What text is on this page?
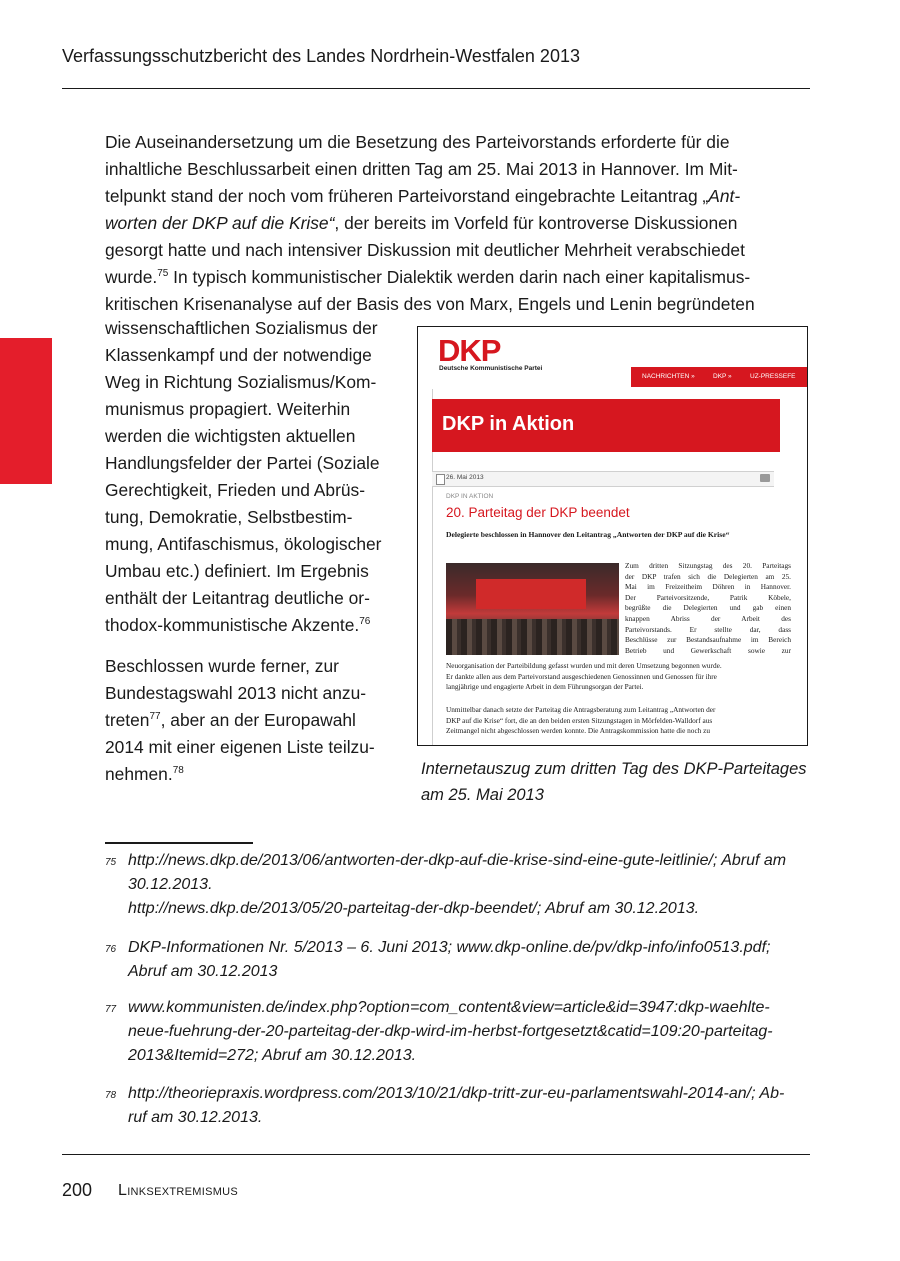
Verfassungsschutzbericht des Landes Nordrhein-Westfalen 2013
Die Auseinandersetzung um die Besetzung des Parteivorstands erforderte für die
inhaltliche Beschlussarbeit einen dritten Tag am 25. Mai 2013 in Hannover. Im Mit-
telpunkt stand der noch vom früheren Parteivorstand eingebrachte Leitantrag „Ant-
worten der DKP auf die Krise“, der bereits im Vorfeld für kontroverse Diskussionen
gesorgt hatte und nach intensiver Diskussion mit deutlicher Mehrheit verabschiedet
wurde.$^{75}$ In typisch kommunistischer Dialektik werden darin nach einer kapitalismus-
kritischen Krisenanalyse auf der Basis des von Marx, Engels und Lenin begründeten
wissenschaftlichen Sozialismus der
Klassenkampf und der notwendige
Weg in Richtung Sozialismus/Kom-
munismus propagiert. Weiterhin
werden die wichtigsten aktuellen
Handlungsfelder der Partei (Soziale
Gerechtigkeit, Frieden und Abrüs-
tung, Demokratie, Selbstbestim-
mung, Antifaschismus, ökologischer
Umbau etc.) definiert. Im Ergebnis
enthält der Leitantrag deutliche or-
thodox-kommunistische Akzente.$^{76}$
Beschlossen wurde ferner, zur
Bundestagswahl 2013 nicht anzu-
treten$^{77}$, aber an der Europawahl
2014 mit einer eigenen Liste teilzu-
nehmen.$^{78}$
DKP
Deutsche Kommunistische Partei
NACHRICHTEN »	DKP »	UZ-PRESSEFE
DKP in Aktion
26. Mai 2013
DKP IN AKTION
20. Parteitag der DKP beendet
Delegierte beschlossen in Hannover den Leitantrag „Antworten der DKP auf die Krise“
Zum dritten Sitzungstag des 20. Parteitags
der DKP trafen sich die Delegierten am 25.
Mai im Freizeitheim Döhren in Hannover.
Der Parteivorsitzende, Patrik Köbele,
begrüßte die Delegierten und gab einen
knappen Abriss der Arbeit des
Parteivorstands. Er stellte dar, dass
Beschlüsse zur Bestandsaufnahme im Bereich
Betrieb und Gewerkschaft sowie zur
Neuorganisation der Parteibildung gefasst wurden und mit deren Umsetzung begonnen wurde.
Er dankte allen aus dem Parteivorstand ausgeschiedenen Genossinnen und Genossen für ihre
langjährige und engagierte Arbeit in dem Führungsorgan der Partei.
Unmittelbar danach setzte der Parteitag die Antragsberatung zum Leitantrag „Antworten der
DKP auf die Krise“ fort, die an den beiden ersten Sitzungstagen in Mörfelden-Walldorf aus
Zeitmangel nicht abgeschlossen werden konnte. Die Antragskommission hatte die noch zu
Internetauszug zum dritten Tag des DKP-Parteitages
am 25. Mai 2013
75 http://news.dkp.de/2013/06/antworten-der-dkp-auf-die-krise-sind-eine-gute-leitlinie/; Abruf am
30.12.2013.
http://news.dkp.de/2013/05/20-parteitag-der-dkp-beendet/; Abruf am 30.12.2013.
76 DKP-Informationen Nr. 5/2013 – 6. Juni 2013; www.dkp-online.de/pv/dkp-info/info0513.pdf;
Abruf am 30.12.2013
77 www.kommunisten.de/index.php?option=com_content&view=article&id=3947:dkp-waehlte-
neue-fuehrung-der-20-parteitag-der-dkp-wird-im-herbst-fortgesetzt&catid=109:20-parteitag-
2013&Itemid=272; Abruf am 30.12.2013.
78 http://theoriepraxis.wordpress.com/2013/10/21/dkp-tritt-zur-eu-parlamentswahl-2014-an/; Ab-
ruf am 30.12.2013.
200 Linksextremismus
